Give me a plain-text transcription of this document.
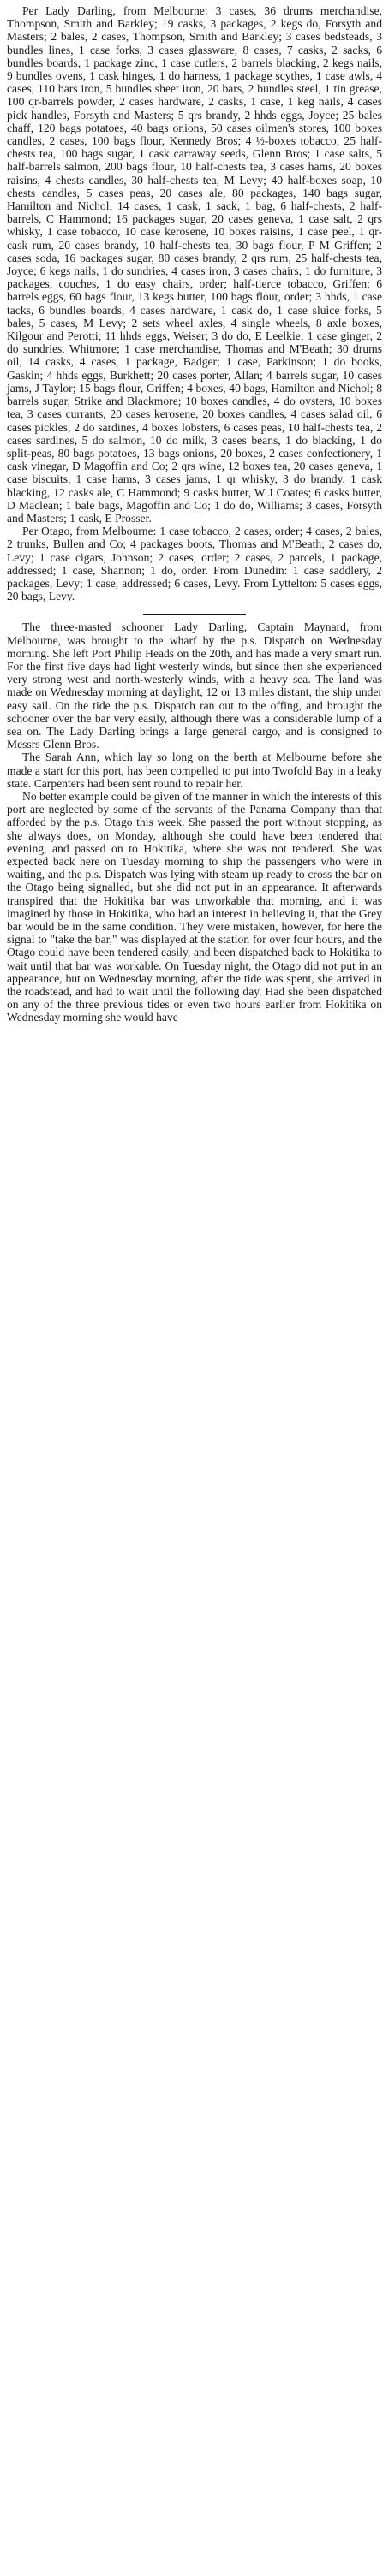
Per Lady Darling, from Melbourne: 3 cases, 36 drums merchandise, Thompson, Smith and Barkley; 19 casks, 3 packages, 2 kegs do, Forsyth and Masters; 2 bales, 2 cases, Thompson, Smith and Barkley; 3 cases bedsteads, 3 bundles lines, 1 case forks, 3 cases glassware, 8 cases, 7 casks, 2 sacks, 6 bundles boards, 1 package zinc, 1 case cutlers, 2 barrels blacking, 2 kegs nails, 9 bundles ovens, 1 cask hinges, 1 do harness, 1 package scythes, 1 case awls, 4 cases, 110 bars iron, 5 bundles sheet iron, 20 bars, 2 bundles steel, 1 tin grease, 100 qr-barrels powder, 2 cases hardware, 2 casks, 1 case, 1 keg nails, 4 cases pick handles, Forsyth and Masters; 5 qrs brandy, 2 hhds eggs, Joyce; 25 bales chaff, 120 bags potatoes, 40 bags onions, 50 cases oilmen's stores, 100 boxes candles, 2 cases, 100 bags flour, Kennedy Bros; 4 ½-boxes tobacco, 25 half-chests tea, 100 bags sugar, 1 cask carraway seeds, Glenn Bros; 1 case salts, 5 half-barrels salmon, 200 bags flour, 10 half-chests tea, 3 cases hams, 20 boxes raisins, 4 chests candles, 30 half-chests tea, M Levy; 40 half-boxes soap, 10 chests candles, 5 cases peas, 20 cases ale, 80 packages, 140 bags sugar, Hamilton and Nichol; 14 cases, 1 cask, 1 sack, 1 bag, 6 half-chests, 2 half-barrels, C Hammond; 16 packages sugar, 20 cases geneva, 1 case salt, 2 qrs whisky, 1 case tobacco, 10 case kerosene, 10 boxes raisins, 1 case peel, 1 qr-cask rum, 20 cases brandy, 10 half-chests tea, 30 bags flour, P M Griffen; 2 cases soda, 16 packages sugar, 80 cases brandy, 2 qrs rum, 25 half-chests tea, Joyce; 6 kegs nails, 1 do sundries, 4 cases iron, 3 cases chairs, 1 do furniture, 3 packages, couches, 1 do easy chairs, order; half-tierce tobacco, Griffen; 6 barrels eggs, 60 bags flour, 13 kegs butter, 100 bags flour, order; 3 hhds, 1 case tacks, 6 bundles boards, 4 cases hardware, 1 cask do, 1 case sluice forks, 5 bales, 5 cases, M Levy; 2 sets wheel axles, 4 single wheels, 8 axle boxes, Kilgour and Perotti; 11 hhds eggs, Weiser; 3 do do, E Leelkie; 1 case ginger, 2 do sundries, Whitmore; 1 case merchandise, Thomas and M'Beath; 30 drums oil, 14 casks, 4 cases, 1 package, Badger; 1 case, Parkinson; 1 do books, Gaskin; 4 hhds eggs, Burkhett; 20 cases porter, Allan; 4 barrels sugar, 10 cases jams, J Taylor; 15 bags flour, Griffen; 4 boxes, 40 bags, Hamilton and Nichol; 8 barrels sugar, Strike and Blackmore; 10 boxes candles, 4 do oysters, 10 boxes tea, 3 cases currants, 20 cases kerosene, 20 boxes candles, 4 cases salad oil, 6 cases pickles, 2 do sardines, 4 boxes lobsters, 6 cases peas, 10 half-chests tea, 2 cases sardines, 5 do salmon, 10 do milk, 3 cases beans, 1 do blacking, 1 do split-peas, 80 bags potatoes, 13 bags onions, 20 boxes, 2 cases confectionery, 1 cask vinegar, D Magoffin and Co; 2 qrs wine, 12 boxes tea, 20 cases geneva, 1 case biscuits, 1 case hams, 3 cases jams, 1 qr whisky, 3 do brandy, 1 cask blacking, 12 casks ale, C Hammond; 9 casks butter, W J Coates; 6 casks butter, D Maclean; 1 bale bags, Magoffin and Co; 1 do do, Williams; 3 cases, Forsyth and Masters; 1 cask, E Prosser.

Per Otago, from Melbourne: 1 case tobacco, 2 cases, order; 4 cases, 2 bales, 2 trunks, Bullen and Co; 4 packages boots, Thomas and M'Beath; 2 cases do, Levy; 1 case cigars, Johnson; 2 cases, order; 2 cases, 2 parcels, 1 package, addressed; 1 case, Shannon; 1 do, order. From Dunedin: 1 case saddlery, 2 packages, Levy; 1 case, addressed; 6 cases, Levy. From Lyttelton: 5 cases eggs, 20 bags, Levy.

The three-masted schooner Lady Darling, Captain Maynard, from Melbourne, was brought to the wharf by the p.s. Dispatch on Wednesday morning. She left Port Philip Heads on the 20th, and has made a very smart run. For the first five days had light westerly winds, but since then she experienced very strong west and north-westerly winds, with a heavy sea. The land was made on Wednesday morning at daylight, 12 or 13 miles distant, the ship under easy sail. On the tide the p.s. Dispatch ran out to the offing, and brought the schooner over the bar very easily, although there was a considerable lump of a sea on. The Lady Darling brings a large general cargo, and is consigned to Messrs Glenn Bros.

The Sarah Ann, which lay so long on the berth at Melbourne before she made a start for this port, has been compelled to put into Twofold Bay in a leaky state. Carpenters had been sent round to repair her.

No better example could be given of the manner in which the interests of this port are neglected by some of the servants of the Panama Company than that afforded by the p.s. Otago this week. She passed the port without stopping, as she always does, on Monday, although she could have been tendered that evening, and passed on to Hokitika, where she was not tendered. She was expected back here on Tuesday morning to ship the passengers who were in waiting, and the p.s. Dispatch was lying with steam up ready to cross the bar on the Otago being signalled, but she did not put in an appearance. It afterwards transpired that the Hokitika bar was unworkable that morning, and it was imagined by those in Hokitika, who had an interest in believing it, that the Grey bar would be in the same condition. They were mistaken, however, for here the signal to "take the bar," was displayed at the station for over four hours, and the Otago could have been tendered easily, and been dispatched back to Hokitika to wait until that bar was workable. On Tuesday night, the Otago did not put in an appearance, but on Wednesday morning, after the tide was spent, she arrived in the roadstead, and had to wait until the following day. Had she been dispatched on any of the three previous tides or even two hours earlier from Hokitika on Wednesday morning she would have
